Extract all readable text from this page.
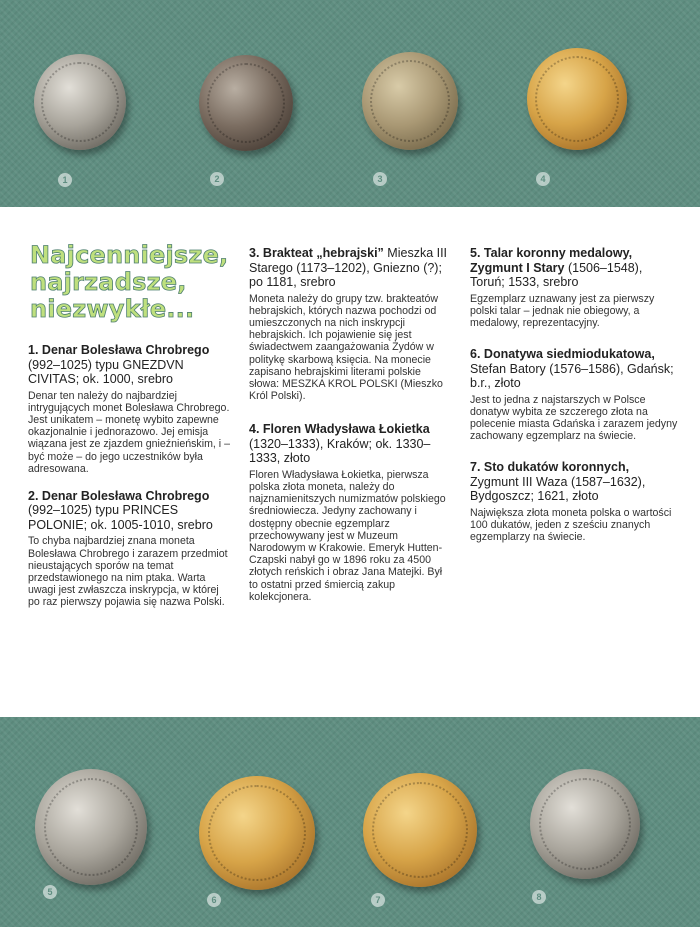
1	2	3	4
Najcenniejsze,
najrzadsze,
niezwykłe...
1. Denar Bolesława Chrobrego (992–1025) typu GNEZDVN CIVITAS; ok. 1000, srebro

Denar ten należy do najbardziej intrygujących monet Bolesława Chrobrego. Jest unikatem – monetę wybito zapewne okazjonalnie i jednorazowo. Jej emisja wiązana jest ze zjazdem gnieźnieńskim, i – być może – do jego uczestników była adresowana.

2. Denar Bolesława Chrobrego (992–1025) typu PRINCES POLONIE; ok. 1005-1010, srebro

To chyba najbardziej znana moneta Bolesława Chrobrego i zarazem przedmiot nieustających sporów na temat przedstawionego na nim ptaka. Warta uwagi jest zwłaszcza inskrypcja, w której po raz pierwszy pojawia się nazwa Polski.

3. Brakteat „hebrajski” Mieszka III Starego (1173–1202), Gniezno (?); po 1181, srebro

Moneta należy do grupy tzw. brakteatów hebrajskich, których nazwa pochodzi od umieszczonych na nich inskrypcji hebrajskich. Ich pojawienie się jest świadectwem zaangażowania Żydów w politykę skarbową księcia. Na monecie zapisano hebrajskimi literami polskie słowa: MESZKA KROL POLSKI (Mieszko Król Polski).

4. Floren Władysława Łokietka (1320–1333), Kraków; ok. 1330–1333, złoto

Floren Władysława Łokietka, pierwsza polska złota moneta, należy do najznamienitszych numizmatów polskiego średniowiecza. Jedyny zachowany i dostępny obecnie egzemplarz przechowywany jest w Muzeum Narodowym w Krakowie. Emeryk Hutten-Czapski nabył go w 1896 roku za 4500 złotych reńskich i obraz Jana Matejki. Był to ostatni przed śmiercią zakup kolekcjonera.

5. Talar koronny medalowy, Zygmunt I Stary (1506–1548), Toruń; 1533, srebro

Egzemplarz uznawany jest za pierwszy polski talar – jednak nie obiegowy, a medalowy, reprezentacyjny.

6. Donatywa siedmiodukatowa, Stefan Batory (1576–1586), Gdańsk; b.r., złoto

Jest to jedna z najstarszych w Polsce donatyw wybita ze szczerego złota na polecenie miasta Gdańska i zarazem jedyny zachowany egzemplarz na świecie.

7. Sto dukatów koronnych, Zygmunt III Waza (1587–1632), Bydgoszcz; 1621, złoto

Największa złota moneta polska o wartości 100 dukatów, jeden z sześciu znanych egzemplarzy na świecie.

5
6	7	8
